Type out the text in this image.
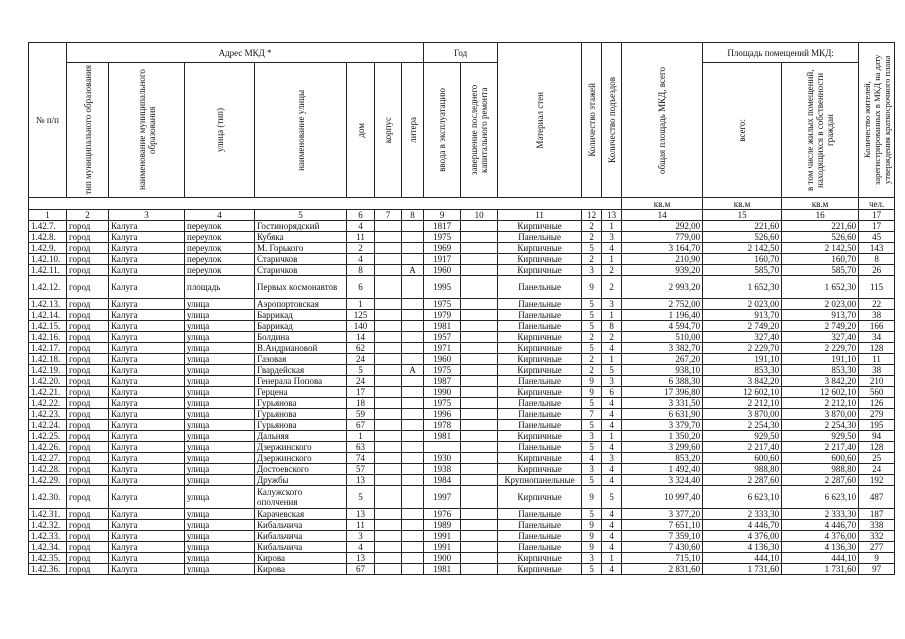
№ п/п	Адрес МКД *							Год		Материал стен	Количество этажей	Количество подъездов	общая площадь МКД, всего	Площадь помещений МКД:		Количество жителей, зарегистрированных в МКД на дату утверждения краткосрочного плана

	тип муниципального образования	наименование муниципального образования	улица (тип)	наименование улицы	дом	корпус	литера	ввода в эксплуатацию	завершение последнего капитального ремонта					всего:	в том числе жилых помещений, находящихся в собственности граждан	

													кв.м	кв.м	кв.м	чел.
1	2	3	4	5	6	7	8	9	10	11	12	13	14	15	16	17
1.42.7.	город	Калуга	переулок	Гостинорядский	4			1817		Кирпичные	2	1	292,00	221,60	221,60	17
1.42.8.	город	Калуга	переулок	Кубяка	11			1975		Панельные	2	3	779,00	526,60	526,60	45
1.42.9.	город	Калуга	переулок	М. Горького	2			1969		Кирпичные	5	4	3 164,70	2 142,50	2 142,50	143
1.42.10.	город	Калуга	переулок	Старичков	4			1917		Кирпичные	2	1	210,90	160,70	160,70	8
1.42.11.	город	Калуга	переулок	Старичков	8		А	1960		Кирпичные	3	2	939,20	585,70	585,70	26
1.42.12.	город	Калуга	площадь	Первых космонавтов	6			1995		Панельные	9	2	2 993,20	1 652,30	1 652,30	115
1.42.13.	город	Калуга	улица	Аэропортовская	1			1975		Панельные	5	3	2 752,00	2 023,00	2 023,00	22
1.42.14.	город	Калуга	улица	Баррикад	125			1979		Панельные	5	1	1 196,40	913,70	913,70	38
1.42.15.	город	Калуга	улица	Баррикад	140			1981		Панельные	5	8	4 594,70	2 749,20	2 749,20	166
1.42.16.	город	Калуга	улица	Болдина	14			1957		Кирпичные	2	2	510,00	327,40	327,40	34
1.42.17.	город	Калуга	улица	В.Андриановой	62			1971		Кирпичные	5	4	3 382,70	2 229,70	2 229,70	128
1.42.18.	город	Калуга	улица	Газовая	24			1960		Кирпичные	2	1	267,20	191,10	191,10	11
1.42.19.	город	Калуга	улица	Гвардейская	5		А	1975		Кирпичные	2	5	938,10	853,30	853,30	38
1.42.20.	город	Калуга	улица	Генерала Попова	24			1987		Панельные	9	3	6 388,30	3 842,20	3 842,20	210
1.42.21.	город	Калуга	улица	Герцена	17			1990		Кирпичные	9	6	17 396,80	12 602,10	12 602,10	560
1.42.22.	город	Калуга	улица	Гурьянова	18			1975		Панельные	5	4	3 331,50	2 212,10	2 212,10	126
1.42.23.	город	Калуга	улица	Гурьянова	59			1996		Панельные	7	4	6 631,90	3 870,00	3 870,00	279
1.42.24.	город	Калуга	улица	Гурьянова	67			1978		Панельные	5	4	3 379,70	2 254,30	2 254,30	195
1.42.25.	город	Калуга	улица	Дальняя	1			1981		Кирпичные	3	1	1 350,20	929,50	929,50	94
1.42.26.	город	Калуга	улица	Дзержинского	63					Панельные	5	4	3 299,60	2 217,40	2 217,40	128
1.42.27.	город	Калуга	улица	Дзержинского	74			1930		Кирпичные	4	3	853,20	600,60	600,60	25
1.42.28.	город	Калуга	улица	Достоевского	57			1938		Кирпичные	3	4	1 492,40	988,80	988,80	24
1.42.29.	город	Калуга	улица	Дружбы	13			1984		Крупнопанельные	5	4	3 324,40	2 287,60	2 287,60	192
1.42.30.	город	Калуга	улица	Калужского ополчения	5			1997		Кирпичные	9	5	10 997,40	6 623,10	6 623,10	487
1.42.31.	город	Калуга	улица	Карачевская	13			1976		Панельные	5	4	3 377,20	2 333,30	2 333,30	187
1.42.32.	город	Калуга	улица	Кибальчича	11			1989		Панельные	9	4	7 651,10	4 446,70	4 446,70	338
1.42.33.	город	Калуга	улица	Кибальчича	3			1991		Панельные	9	4	7 359,10	4 376,00	4 376,00	332
1.42.34.	город	Калуга	улица	Кибальчича	4			1991		Панельные	9	4	7 430,60	4 136,30	4 136,30	277
1.42.35.	город	Калуга	улица	Кирова	13			1900		Кирпичные	3	1	715,10	444,10	444,10	9
1.42.36.	город	Калуга	улица	Кирова	67			1981		Кирпичные	5	4	2 831,60	1 731,60	1 731,60	97
